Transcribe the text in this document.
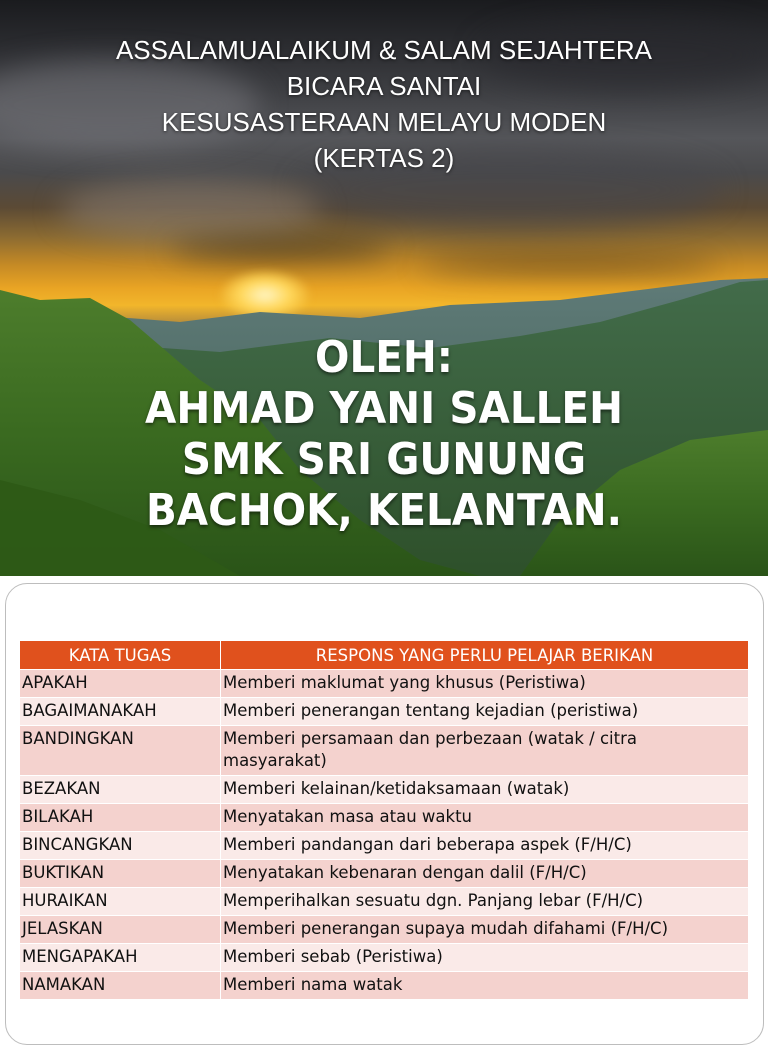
ASSALAMUALAIKUM & SALAM SEJAHTERA
BICARA SANTAI
KESUSASTERAAN MELAYU MODEN
(KERTAS 2)
OLEH:
AHMAD YANI SALLEH
SMK SRI GUNUNG
BACHOK, KELANTAN.
KATA TUGAS	RESPONS YANG PERLU PELAJAR BERIKAN
APAKAH	Memberi maklumat yang khusus (Peristiwa)
BAGAIMANAKAH	Memberi penerangan tentang kejadian (peristiwa)
BANDINGKAN	Memberi persamaan dan perbezaan (watak / citra masyarakat)
BEZAKAN	Memberi kelainan/ketidaksamaan (watak)
BILAKAH	Menyatakan masa atau waktu
BINCANGKAN	Memberi pandangan dari beberapa aspek (F/H/C)
BUKTIKAN	Menyatakan kebenaran dengan dalil (F/H/C)
HURAIKAN	Memperihalkan sesuatu dgn. Panjang lebar (F/H/C)
JELASKAN	Memberi penerangan supaya mudah difahami (F/H/C)
MENGAPAKAH	Memberi sebab (Peristiwa)
NAMAKAN	Memberi nama watak
